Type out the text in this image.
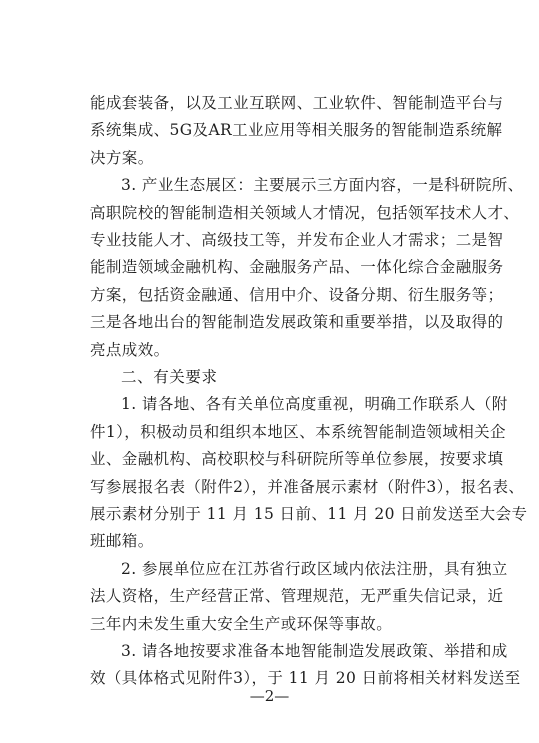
能成套装备，以及工业互联网、工业软件、智能制造平台与
系统集成、5G及AR工业应用等相关服务的智能制造系统解
决方案。
3. 产业生态展区：主要展示三方面内容，一是科研院所、
高职院校的智能制造相关领域人才情况，包括领军技术人才、
专业技能人才、高级技工等，并发布企业人才需求；二是智
能制造领域金融机构、金融服务产品、一体化综合金融服务
方案，包括资金融通、信用中介、设备分期、衍生服务等；
三是各地出台的智能制造发展政策和重要举措，以及取得的
亮点成效。
二、有关要求
1. 请各地、各有关单位高度重视，明确工作联系人（附
件1），积极动员和组织本地区、本系统智能制造领域相关企
业、金融机构、高校职校与科研院所等单位参展，按要求填
写参展报名表（附件2），并准备展示素材（附件3），报名表、
展示素材分别于 11 月 15 日前、11 月 20 日前发送至大会专
班邮箱。
2. 参展单位应在江苏省行政区域内依法注册，具有独立
法人资格，生产经营正常、管理规范，无严重失信记录，近
三年内未发生重大安全生产或环保等事故。
3. 请各地按要求准备本地智能制造发展政策、举措和成
效（具体格式见附件3），于 11 月 20 日前将相关材料发送至
—2—
